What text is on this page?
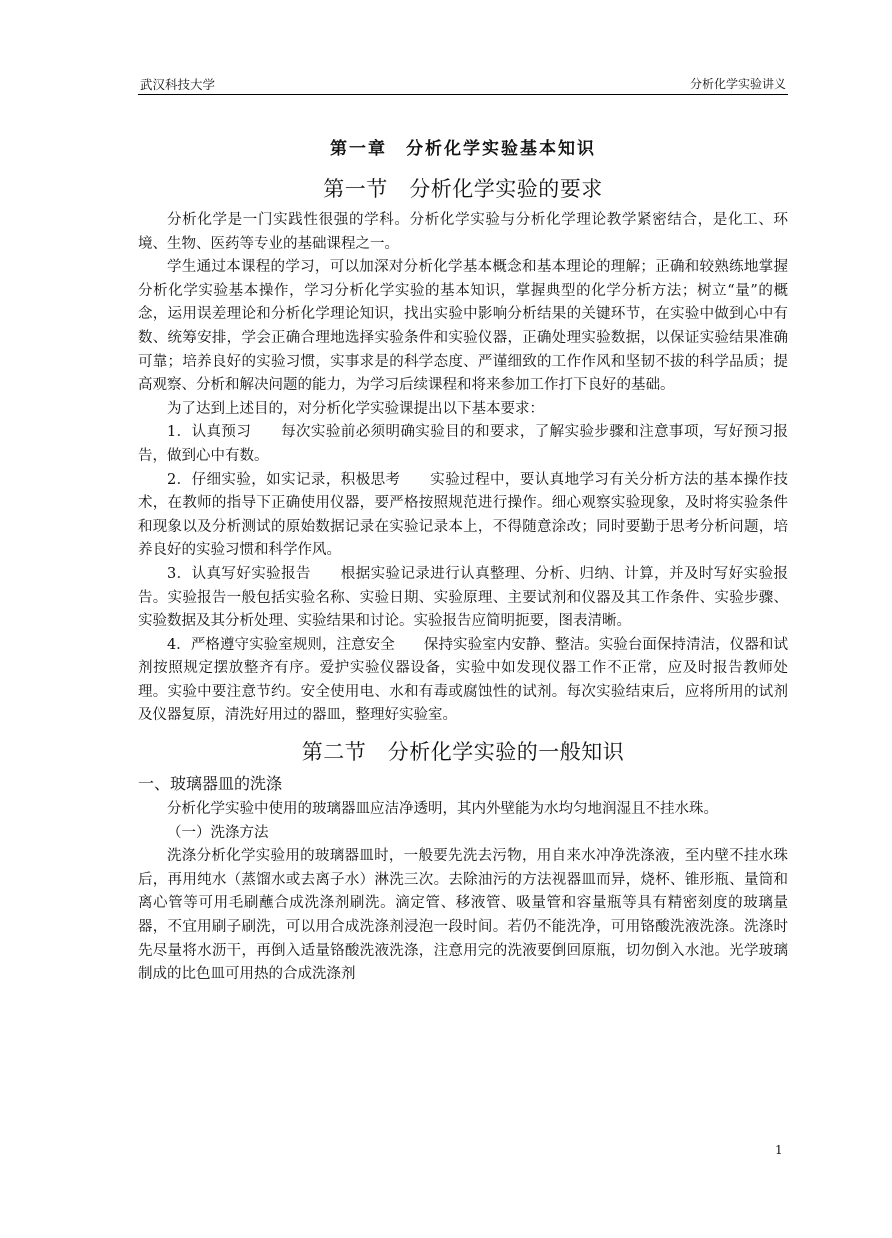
武汉科技大学	分析化学实验讲义
第一章　分析化学实验基本知识
第一节　分析化学实验的要求

分析化学是一门实践性很强的学科。分析化学实验与分析化学理论教学紧密结合，是化工、环境、生物、医药等专业的基础课程之一。

学生通过本课程的学习，可以加深对分析化学基本概念和基本理论的理解；正确和较熟练地掌握分析化学实验基本操作，学习分析化学实验的基本知识，掌握典型的化学分析方法；树立“量”的概念，运用误差理论和分析化学理论知识，找出实验中影响分析结果的关键环节，在实验中做到心中有数、统筹安排，学会正确合理地选择实验条件和实验仪器，正确处理实验数据，以保证实验结果准确可靠；培养良好的实验习惯，实事求是的科学态度、严谨细致的工作作风和坚韧不拔的科学品质；提高观察、分析和解决问题的能力，为学习后续课程和将来参加工作打下良好的基础。

为了达到上述目的，对分析化学实验课提出以下基本要求：

1．认真预习　　每次实验前必须明确实验目的和要求，了解实验步骤和注意事项，写好预习报告，做到心中有数。

2．仔细实验，如实记录，积极思考　　实验过程中，要认真地学习有关分析方法的基本操作技术，在教师的指导下正确使用仪器，要严格按照规范进行操作。细心观察实验现象，及时将实验条件和现象以及分析测试的原始数据记录在实验记录本上，不得随意涂改；同时要勤于思考分析问题，培养良好的实验习惯和科学作风。

3．认真写好实验报告　　根据实验记录进行认真整理、分析、归纳、计算，并及时写好实验报告。实验报告一般包括实验名称、实验日期、实验原理、主要试剂和仪器及其工作条件、实验步骤、实验数据及其分析处理、实验结果和讨论。实验报告应简明扼要，图表清晰。

4．严格遵守实验室规则，注意安全　　保持实验室内安静、整洁。实验台面保持清洁，仪器和试剂按照规定摆放整齐有序。爱护实验仪器设备，实验中如发现仪器工作不正常，应及时报告教师处理。实验中要注意节约。安全使用电、水和有毒或腐蚀性的试剂。每次实验结束后，应将所用的试剂及仪器复原，清洗好用过的器皿，整理好实验室。

第二节　分析化学实验的一般知识
一、玻璃器皿的洗涤

分析化学实验中使用的玻璃器皿应洁净透明，其内外壁能为水均匀地润湿且不挂水珠。

（一）洗涤方法

洗涤分析化学实验用的玻璃器皿时，一般要先洗去污物，用自来水冲净洗涤液，至内壁不挂水珠后，再用纯水（蒸馏水或去离子水）淋洗三次。去除油污的方法视器皿而异，烧杯、锥形瓶、量筒和离心管等可用毛刷蘸合成洗涤剂刷洗。滴定管、移液管、吸量管和容量瓶等具有精密刻度的玻璃量器，不宜用刷子刷洗，可以用合成洗涤剂浸泡一段时间。若仍不能洗净，可用铬酸洗液洗涤。洗涤时先尽量将水沥干，再倒入适量铬酸洗液洗涤，注意用完的洗液要倒回原瓶，切勿倒入水池。光学玻璃制成的比色皿可用热的合成洗涤剂

1
